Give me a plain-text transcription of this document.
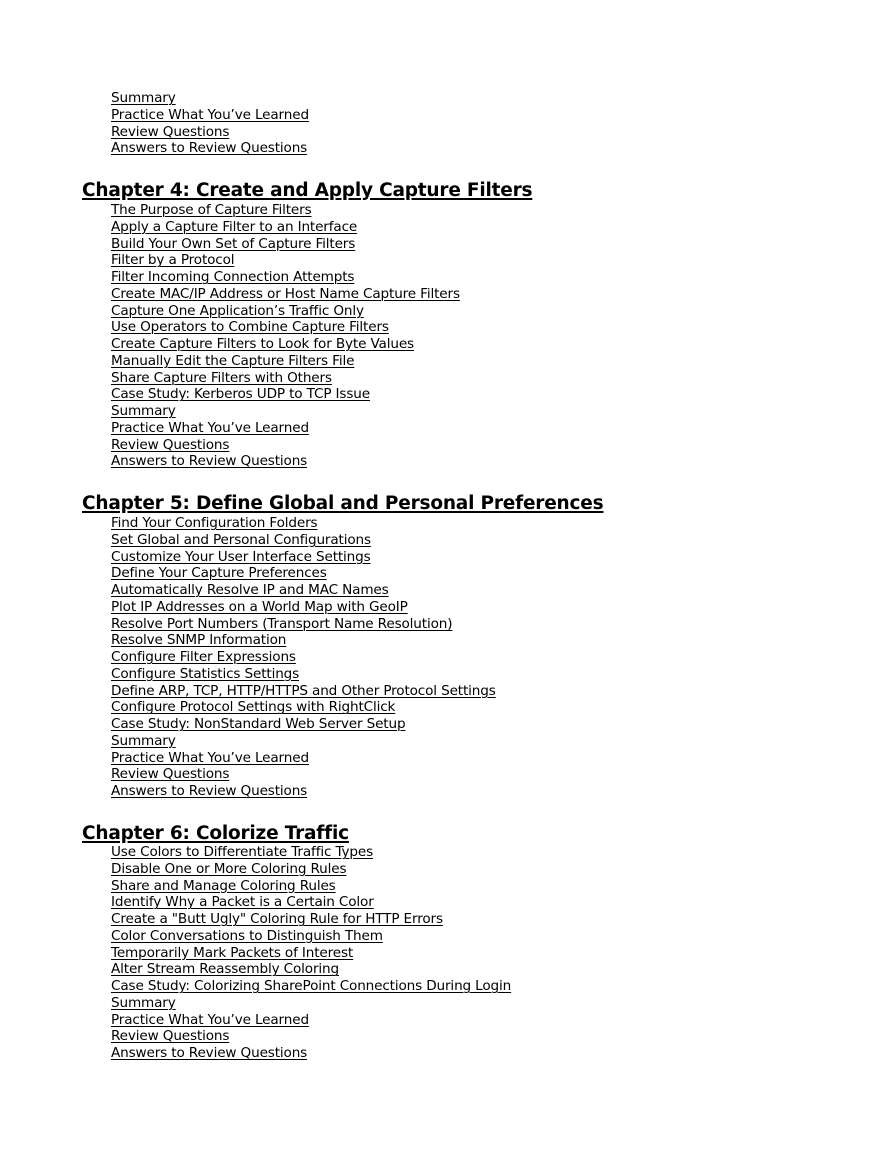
Summary
Practice What You’ve Learned
Review Questions
Answers to Review Questions
Chapter 4: Create and Apply Capture Filters
The Purpose of Capture Filters
Apply a Capture Filter to an Interface
Build Your Own Set of Capture Filters
Filter by a Protocol
Filter Incoming Connection Attempts
Create MAC/IP Address or Host Name Capture Filters
Capture One Application’s Traffic Only
Use Operators to Combine Capture Filters
Create Capture Filters to Look for Byte Values
Manually Edit the Capture Filters File
Share Capture Filters with Others
Case Study: Kerberos UDP to TCP Issue
Summary
Practice What You’ve Learned
Review Questions
Answers to Review Questions
Chapter 5: Define Global and Personal Preferences
Find Your Configuration Folders
Set Global and Personal Configurations
Customize Your User Interface Settings
Define Your Capture Preferences
Automatically Resolve IP and MAC Names
Plot IP Addresses on a World Map with GeoIP
Resolve Port Numbers (Transport Name Resolution)
Resolve SNMP Information
Configure Filter Expressions
Configure Statistics Settings
Define ARP, TCP, HTTP/HTTPS and Other Protocol Settings
Configure Protocol Settings with RightClick
Case Study: NonStandard Web Server Setup
Summary
Practice What You’ve Learned
Review Questions
Answers to Review Questions
Chapter 6: Colorize Traffic
Use Colors to Differentiate Traffic Types
Disable One or More Coloring Rules
Share and Manage Coloring Rules
Identify Why a Packet is a Certain Color
Create a "Butt Ugly" Coloring Rule for HTTP Errors
Color Conversations to Distinguish Them
Temporarily Mark Packets of Interest
Alter Stream Reassembly Coloring
Case Study: Colorizing SharePoint Connections During Login
Summary
Practice What You’ve Learned
Review Questions
Answers to Review Questions
